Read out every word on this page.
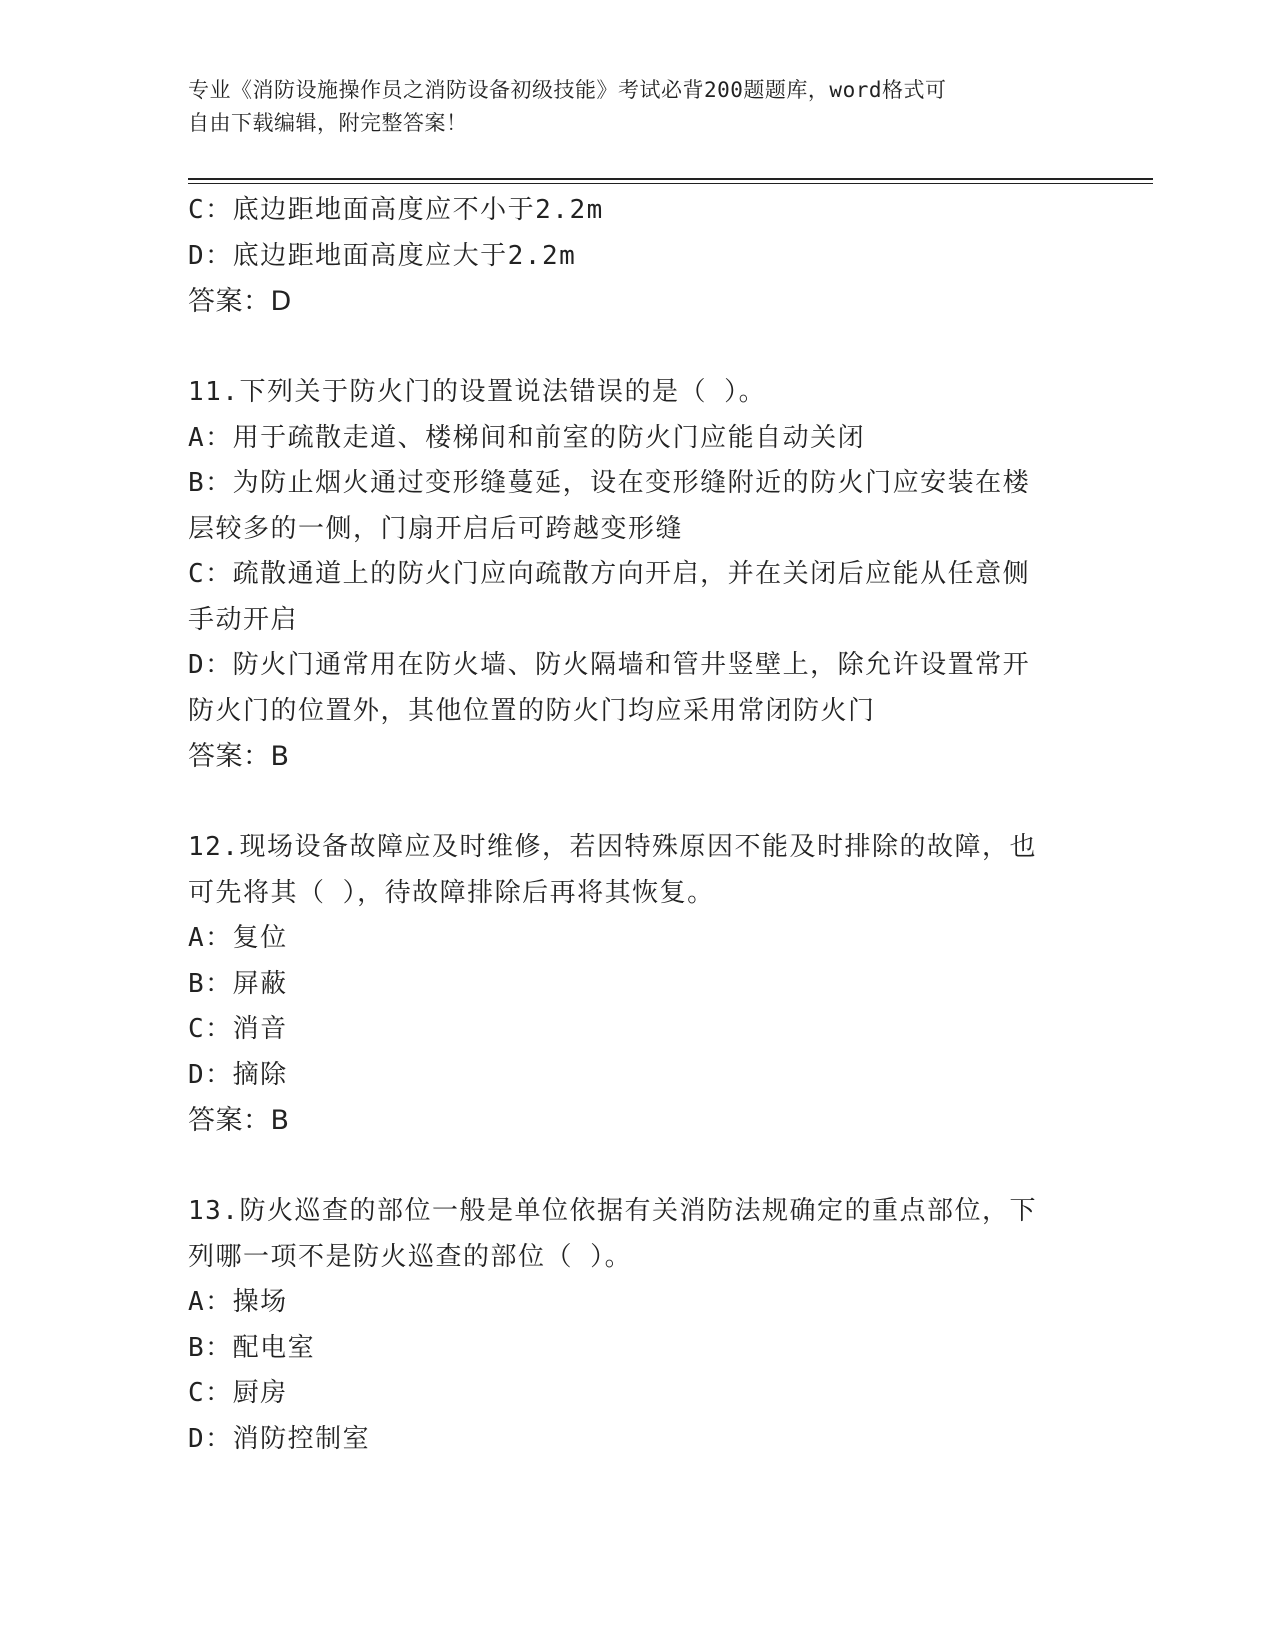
专业《消防设施操作员之消防设备初级技能》考试必背200题题库，word格式可
自由下载编辑，附完整答案！
C：底边距地面高度应不小于2.2m
D：底边距地面高度应大于2.2m
答案：D
11.下列关于防火门的设置说法错误的是（ ）。
A：用于疏散走道、楼梯间和前室的防火门应能自动关闭
B：为防止烟火通过变形缝蔓延，设在变形缝附近的防火门应安装在楼
层较多的一侧，门扇开启后可跨越变形缝
C：疏散通道上的防火门应向疏散方向开启，并在关闭后应能从任意侧
手动开启
D：防火门通常用在防火墙、防火隔墙和管井竖壁上，除允许设置常开
防火门的位置外，其他位置的防火门均应采用常闭防火门
答案：B
12.现场设备故障应及时维修，若因特殊原因不能及时排除的故障，也
可先将其（ ），待故障排除后再将其恢复。
A：复位
B：屏蔽
C：消音
D：摘除
答案：B
13.防火巡查的部位一般是单位依据有关消防法规确定的重点部位，下
列哪一项不是防火巡查的部位（ ）。
A：操场
B：配电室
C：厨房
D：消防控制室
